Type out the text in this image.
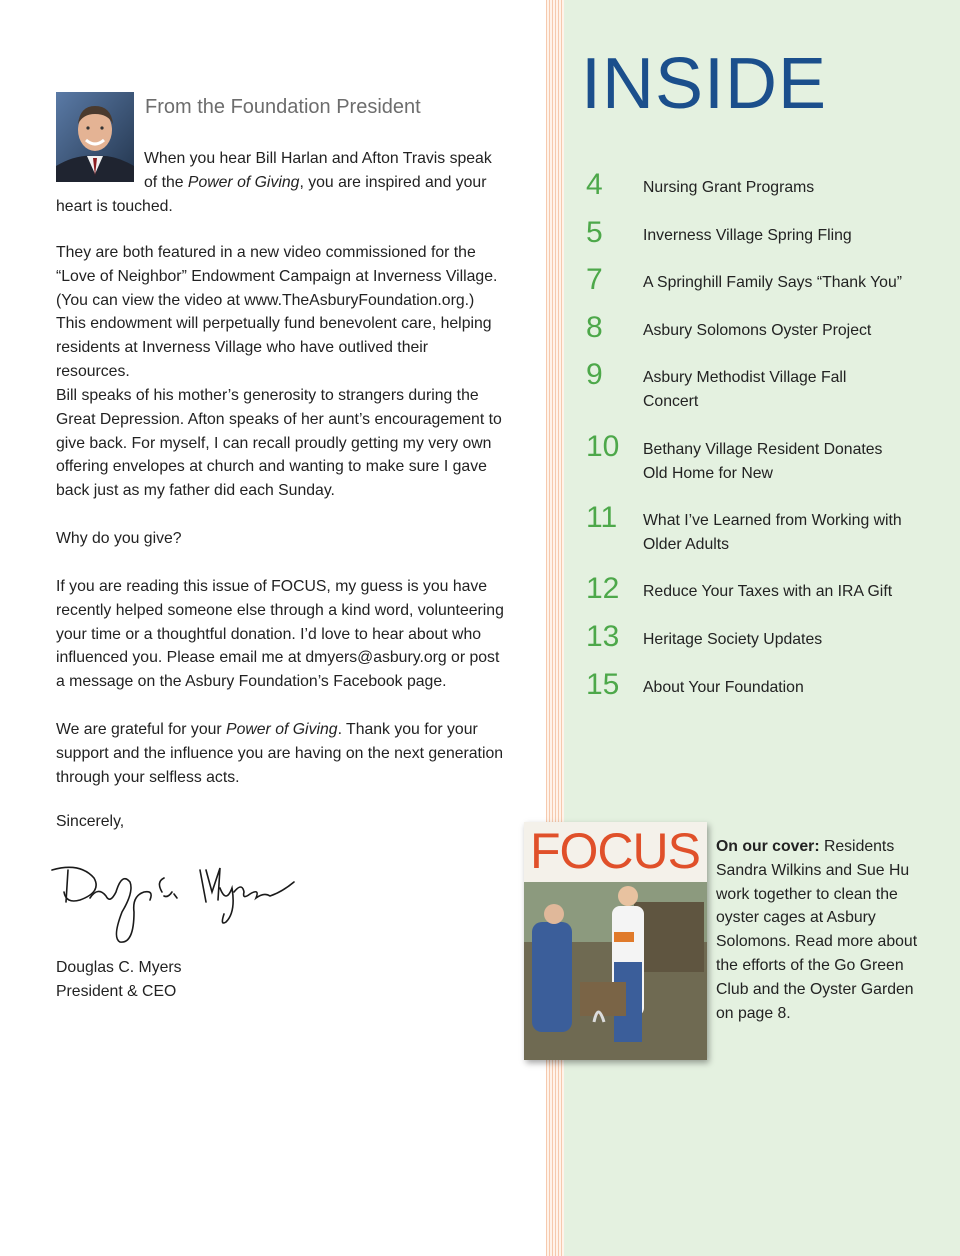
From the Foundation President
When you hear Bill Harlan and Afton Travis speak
of the Power of Giving, you are inspired and your
heart is touched.
They are both featured in a new video commissioned for the “Love of Neighbor” Endowment Campaign at Inverness Village. (You can view the video at www.TheAsburyFoundation.org.) This endowment will perpetually fund benevolent care, helping residents at Inverness Village who have outlived their resources.
Bill speaks of his mother’s generosity to strangers during the Great Depression. Afton speaks of her aunt’s encouragement to give back. For myself, I can recall proudly getting my very own offering envelopes at church and wanting to make sure I gave back just as my father did each Sunday.
Why do you give?
If you are reading this issue of FOCUS, my guess is you have recently helped someone else through a kind word, volunteering your time or a thoughtful donation. I’d love to hear about who influenced you. Please email me at dmyers@asbury.org or post a message on the Asbury Foundation’s Facebook page.
We are grateful for your Power of Giving. Thank you for your support and the influence you are having on the next generation through your selfless acts.
Sincerely,
Douglas C. Myers
President & CEO
INSIDE
4	Nursing Grant Programs
5	Inverness Village Spring Fling
7	A Springhill Family Says “Thank You”
8	Asbury Solomons Oyster Project
9	Asbury Methodist Village Fall Concert
10 Bethany Village Resident Donates Old Home for New
11 What I’ve Learned from Working with Older Adults
12 Reduce Your Taxes with an IRA Gift
13 Heritage Society Updates
15 About Your Foundation
FOCUS On our cover: Residents Sandra Wilkins and Sue Hu work together to clean the oyster cages at Asbury Solomons. Read more about the efforts of the Go Green Club and the Oyster Garden on page 8.
